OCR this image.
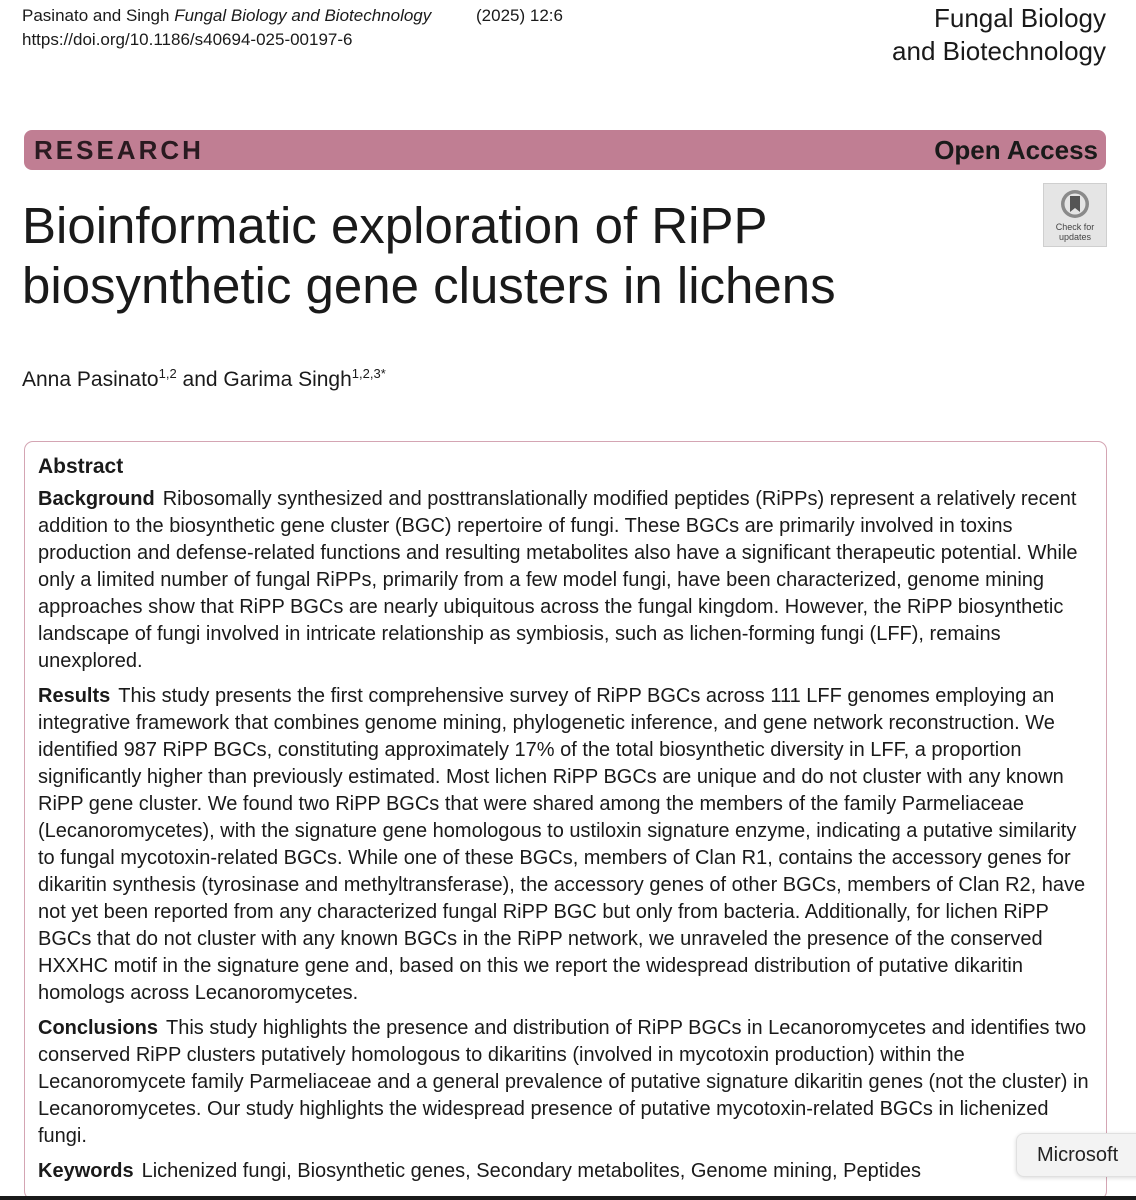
Pasinato and Singh Fungal Biology and Biotechnology	(2025) 12:6
https://doi.org/10.1186/s40694-025-00197-6
Fungal Biology
and Biotechnology
RESEARCH	Open Access
Bioinformatic exploration of RiPP biosynthetic gene clusters in lichens
Check for
updates
Anna Pasinato$^{1,2}$ and Garima Singh$^{1,2,3*}$
Abstract

Background Ribosomally synthesized and posttranslationally modified peptides (RiPPs) represent a relatively recent addition to the biosynthetic gene cluster (BGC) repertoire of fungi. These BGCs are primarily involved in toxins production and defense-related functions and resulting metabolites also have a significant therapeutic potential. While only a limited number of fungal RiPPs, primarily from a few model fungi, have been characterized, genome mining approaches show that RiPP BGCs are nearly ubiquitous across the fungal kingdom. However, the RiPP biosynthetic landscape of fungi involved in intricate relationship as symbiosis, such as lichen-forming fungi (LFF), remains unexplored.

Results This study presents the first comprehensive survey of RiPP BGCs across 111 LFF genomes employing an integrative framework that combines genome mining, phylogenetic inference, and gene network reconstruction. We identified 987 RiPP BGCs, constituting approximately 17% of the total biosynthetic diversity in LFF, a proportion significantly higher than previously estimated. Most lichen RiPP BGCs are unique and do not cluster with any known RiPP gene cluster. We found two RiPP BGCs that were shared among the members of the family Parmeliaceae (Lecanoromycetes), with the signature gene homologous to ustiloxin signature enzyme, indicating a putative similarity to fungal mycotoxin-related BGCs. While one of these BGCs, members of Clan R1, contains the accessory genes for dikaritin synthesis (tyrosinase and methyltransferase), the accessory genes of other BGCs, members of Clan R2, have not yet been reported from any characterized fungal RiPP BGC but only from bacteria. Additionally, for lichen RiPP BGCs that do not cluster with any known BGCs in the RiPP network, we unraveled the presence of the conserved HXXHC motif in the signature gene and, based on this we report the widespread distribution of putative dikaritin homologs across Lecanoromycetes.

Conclusions This study highlights the presence and distribution of RiPP BGCs in Lecanoromycetes and identifies two conserved RiPP clusters putatively homologous to dikaritins (involved in mycotoxin production) within the Lecanoromycete family Parmeliaceae and a general prevalence of putative signature dikaritin genes (not the cluster) in Lecanoromycetes. Our study highlights the widespread presence of putative mycotoxin-related BGCs in lichenized fungi.

Keywords Lichenized fungi, Biosynthetic genes, Secondary metabolites, Genome mining, Peptides

Microsoft
